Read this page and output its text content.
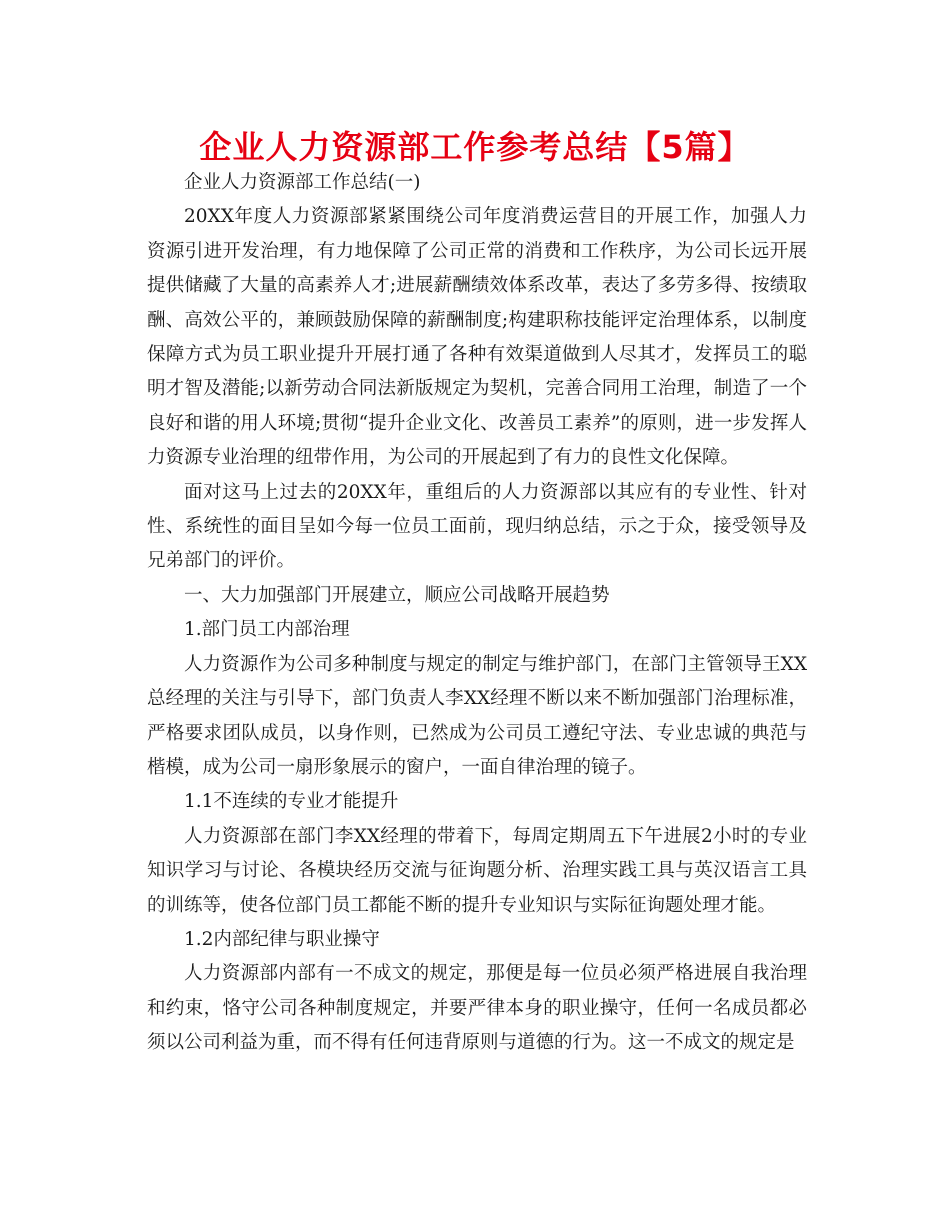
企业人力资源部工作参考总结【5篇】

企业人力资源部工作总结(一)

20XX年度人力资源部紧紧围绕公司年度消费运营目的开展工作，加强人力资源引进开发治理，有力地保障了公司正常的消费和工作秩序，为公司长远开展提供储藏了大量的高素养人才;进展薪酬绩效体系改革，表达了多劳多得、按绩取酬、高效公平的，兼顾鼓励保障的薪酬制度;构建职称技能评定治理体系，以制度保障方式为员工职业提升开展打通了各种有效渠道做到人尽其才，发挥员工的聪明才智及潜能;以新劳动合同法新版规定为契机，完善合同用工治理，制造了一个良好和谐的用人环境;贯彻“提升企业文化、改善员工素养”的原则，进一步发挥人力资源专业治理的纽带作用，为公司的开展起到了有力的良性文化保障。

面对这马上过去的20XX年，重组后的人力资源部以其应有的专业性、针对性、系统性的面目呈如今每一位员工面前，现归纳总结，示之于众，接受领导及兄弟部门的评价。

一、大力加强部门开展建立，顺应公司战略开展趋势

1.部门员工内部治理

人力资源作为公司多种制度与规定的制定与维护部门，在部门主管领导王XX总经理的关注与引导下，部门负责人李XX经理不断以来不断加强部门治理标准，严格要求团队成员，以身作则，已然成为公司员工遵纪守法、专业忠诚的典范与楷模，成为公司一扇形象展示的窗户，一面自律治理的镜子。

1.1不连续的专业才能提升

人力资源部在部门李XX经理的带着下，每周定期周五下午进展2小时的专业知识学习与讨论、各模块经历交流与征询题分析、治理实践工具与英汉语言工具的训练等，使各位部门员工都能不断的提升专业知识与实际征询题处理才能。

1.2内部纪律与职业操守

人力资源部内部有一不成文的规定，那便是每一位员必须严格进展自我治理和约束，恪守公司各种制度规定，并要严律本身的职业操守，任何一名成员都必须以公司利益为重，而不得有任何违背原则与道德的行为。这一不成文的规定是
